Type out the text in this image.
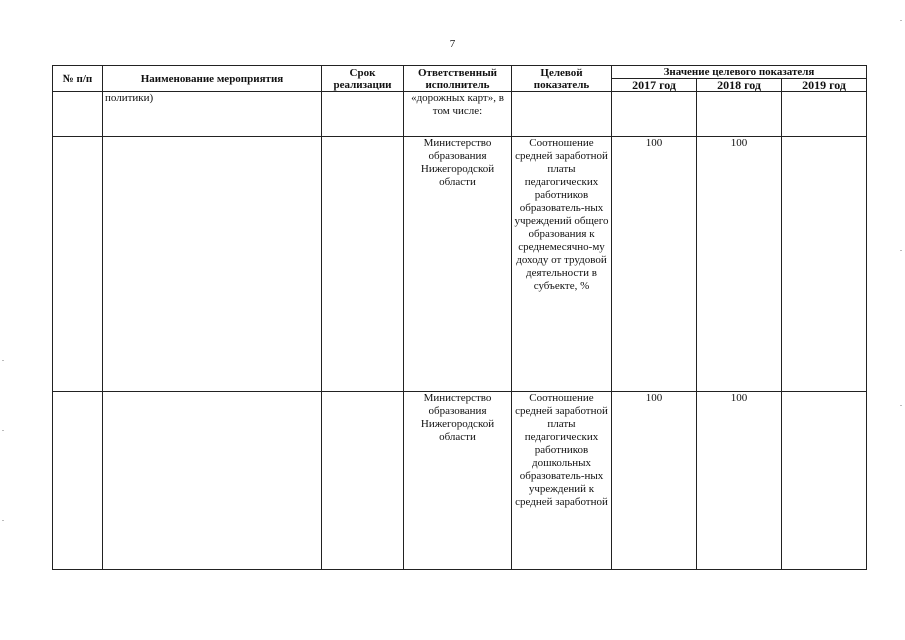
7
№ п/п	Наименование мероприятия	Срок реализации	Ответственный исполнитель	Целевой показатель	Значение целевого показателя		
					2017 год	2018 год	2019 год
	политики)		«дорожных карт», в том числе:				
			Министерство образования Нижегородской области	Соотношение средней заработной платы педагогических работников образователь-ных учреждений общего образования к среднемесячно-му доходу от трудовой деятельности в субъекте, %	100	100	
			Министерство образования Нижегородской области	Соотношение средней заработной платы педагогических работников дошкольных образователь-ных учреждений к средней заработной	100	100	
